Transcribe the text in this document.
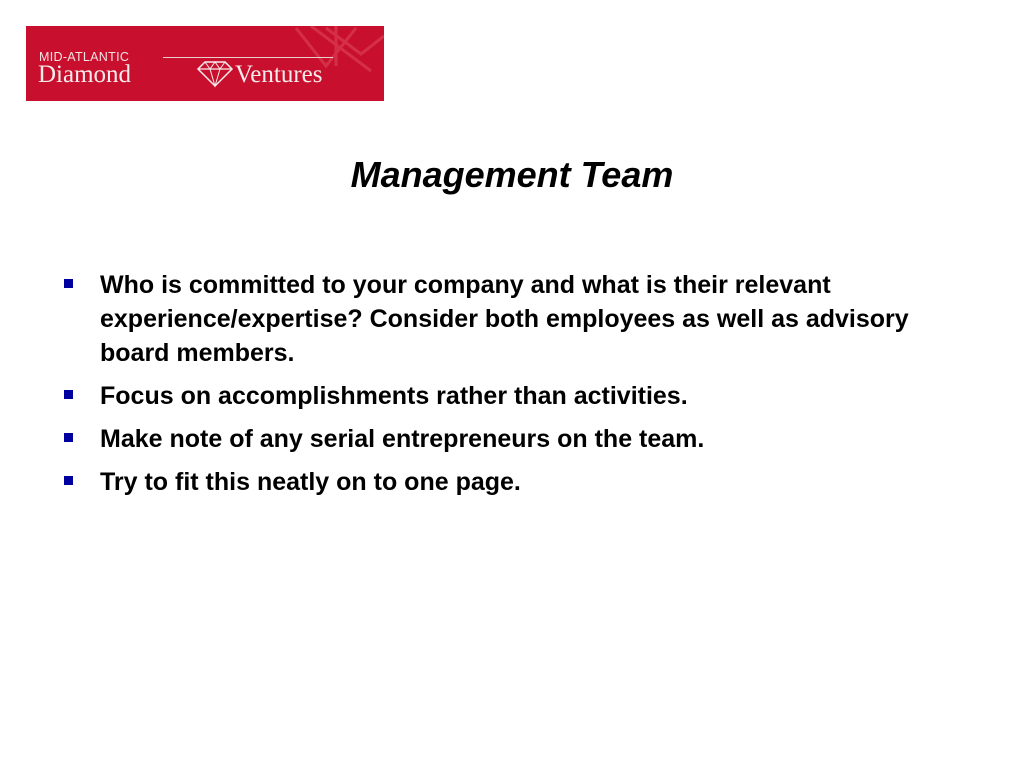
MID-ATLANTIC
Diamond	Ventures
Management Team
Who is committed to your company and what is their relevant experience/expertise? Consider both employees as well as advisory board members.
Focus on accomplishments rather than activities.
Make note of any serial entrepreneurs on the team.
Try to fit this neatly on to one page.
